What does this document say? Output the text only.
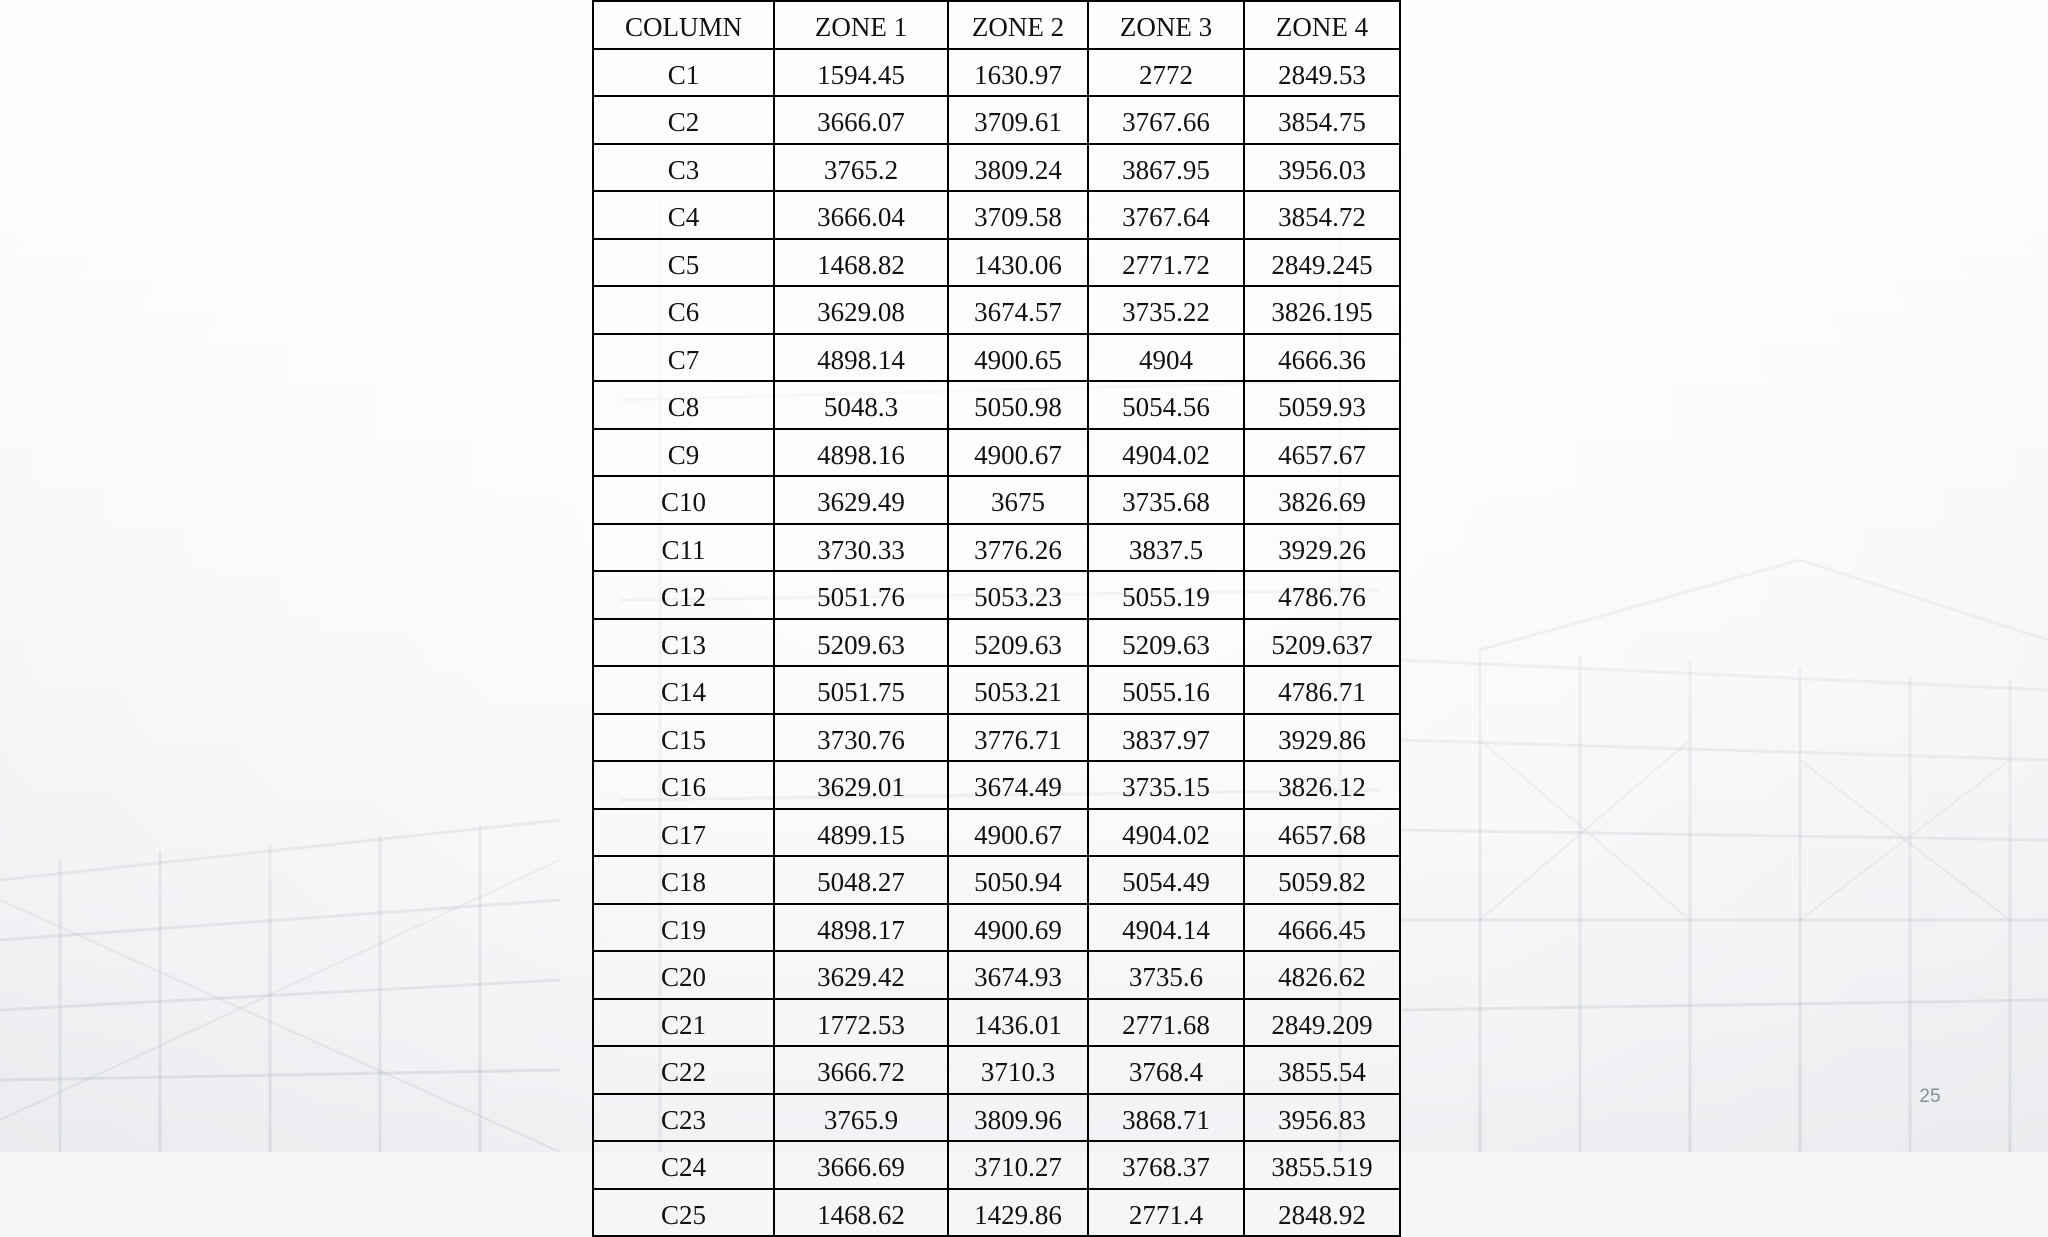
COLUMN	ZONE 1	ZONE 2	ZONE 3	ZONE 4
C1	1594.45	1630.97	2772	2849.53
C2	3666.07	3709.61	3767.66	3854.75
C3	3765.2	3809.24	3867.95	3956.03
C4	3666.04	3709.58	3767.64	3854.72
C5	1468.82	1430.06	2771.72	2849.245
C6	3629.08	3674.57	3735.22	3826.195
C7	4898.14	4900.65	4904	4666.36
C8	5048.3	5050.98	5054.56	5059.93
C9	4898.16	4900.67	4904.02	4657.67
C10	3629.49	3675	3735.68	3826.69
C11	3730.33	3776.26	3837.5	3929.26
C12	5051.76	5053.23	5055.19	4786.76
C13	5209.63	5209.63	5209.63	5209.637
C14	5051.75	5053.21	5055.16	4786.71
C15	3730.76	3776.71	3837.97	3929.86
C16	3629.01	3674.49	3735.15	3826.12
C17	4899.15	4900.67	4904.02	4657.68
C18	5048.27	5050.94	5054.49	5059.82
C19	4898.17	4900.69	4904.14	4666.45
C20	3629.42	3674.93	3735.6	4826.62
C21	1772.53	1436.01	2771.68	2849.209
C22	3666.72	3710.3	3768.4	3855.54
C23	3765.9	3809.96	3868.71	3956.83
C24	3666.69	3710.27	3768.37	3855.519
C25	1468.62	1429.86	2771.4	2848.92
25
